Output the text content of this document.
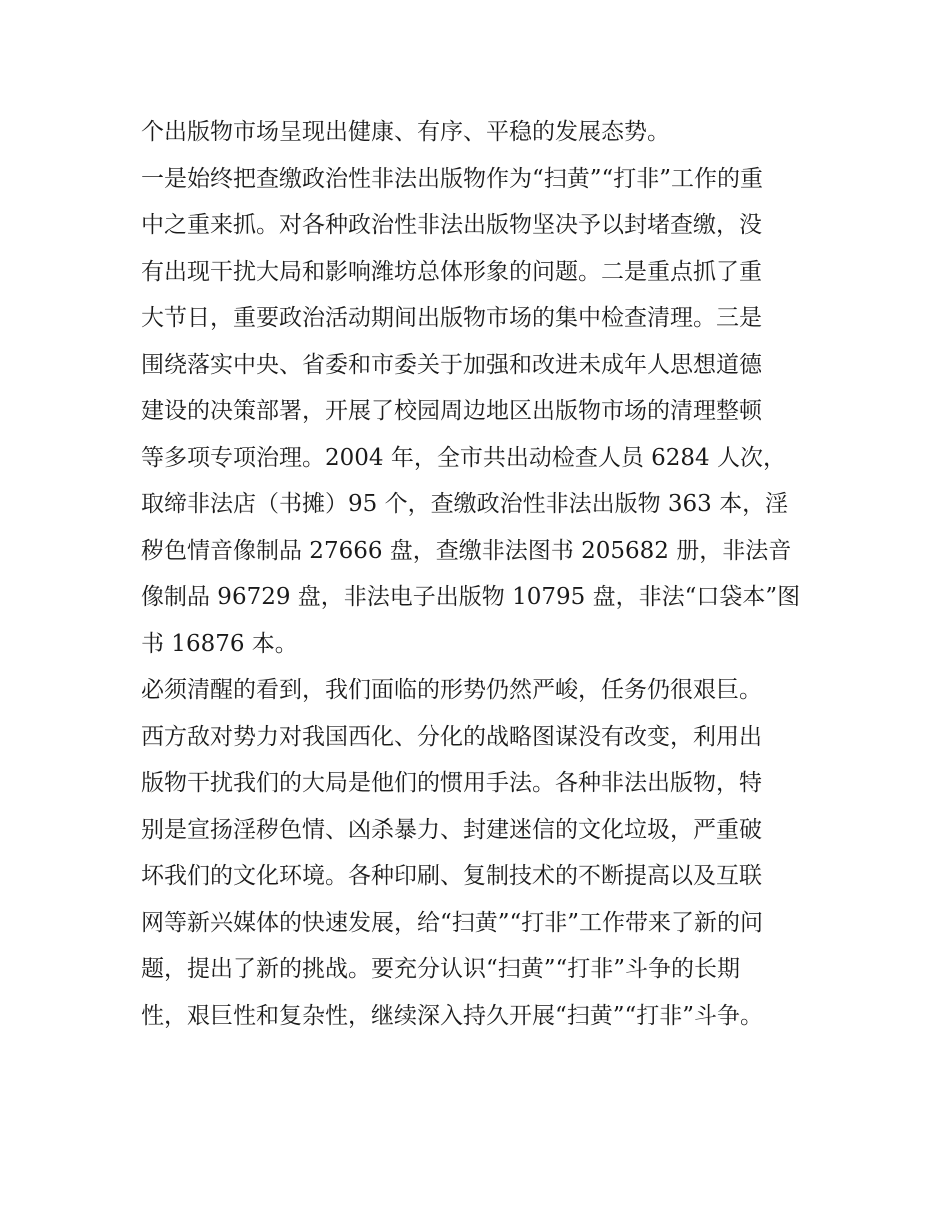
个出版物市场呈现出健康、有序、平稳的发展态势。
一是始终把查缴政治性非法出版物作为“扫黄”“打非”工作的重
中之重来抓。对各种政治性非法出版物坚决予以封堵查缴，没
有出现干扰大局和影响潍坊总体形象的问题。二是重点抓了重
大节日，重要政治活动期间出版物市场的集中检查清理。三是
围绕落实中央、省委和市委关于加强和改进未成年人思想道德
建设的决策部署，开展了校园周边地区出版物市场的清理整顿
等多项专项治理。2004 年，全市共出动检查人员 6284 人次，
取缔非法店（书摊）95 个，查缴政治性非法出版物 363 本，淫
秽色情音像制品 27666 盘，查缴非法图书 205682 册，非法音
像制品 96729 盘，非法电子出版物 10795 盘，非法“口袋本”图
书 16876 本。
必须清醒的看到，我们面临的形势仍然严峻，任务仍很艰巨。
西方敌对势力对我国西化、分化的战略图谋没有改变，利用出
版物干扰我们的大局是他们的惯用手法。各种非法出版物，特
别是宣扬淫秽色情、凶杀暴力、封建迷信的文化垃圾，严重破
坏我们的文化环境。各种印刷、复制技术的不断提高以及互联
网等新兴媒体的快速发展，给“扫黄”“打非”工作带来了新的问
题，提出了新的挑战。要充分认识“扫黄”“打非”斗争的长期
性，艰巨性和复杂性，继续深入持久开展“扫黄”“打非”斗争。
